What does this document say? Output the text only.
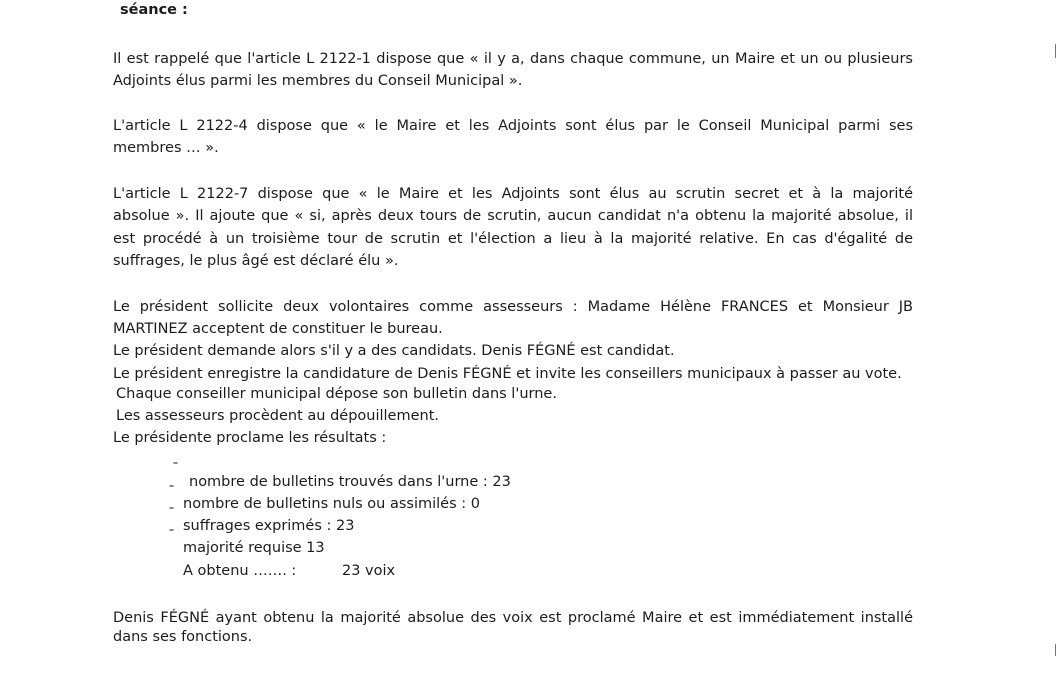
séance :
Il est rappelé que l'article L 2122-1 dispose que « il y a, dans chaque commune, un Maire et un ou plusieurs
Adjoints élus parmi les membres du Conseil Municipal ».
L'article L 2122-4 dispose que « le Maire et les Adjoints sont élus par le Conseil Municipal parmi ses
membres … ».
L'article L 2122-7 dispose que « le Maire et les Adjoints sont élus au scrutin secret et à la majorité
absolue ». Il ajoute que « si, après deux tours de scrutin, aucun candidat n'a obtenu la majorité absolue, il
est procédé à un troisième tour de scrutin et l'élection a lieu à la majorité relative. En cas d'égalité de
suffrages, le plus âgé est déclaré élu ».
Le président sollicite deux volontaires comme assesseurs : Madame Hélène FRANCES et Monsieur JB
MARTINEZ acceptent de constituer le bureau.
Le président demande alors s'il y a des candidats. Denis FÉGNÉ est candidat.
Le président enregistre la candidature de Denis FÉGNÉ et invite les conseillers municipaux à passer au vote.
Chaque conseiller municipal dépose son bulletin dans l'urne.
Les assesseurs procèdent au dépouillement.
Le présidente proclame les résultats :
¯
nombre de bulletins trouvés dans l'urne : 23
¯
nombre de bulletins nuls ou assimilés : 0
¯
suffrages exprimés : 23
¯
majorité requise 13
A obtenu ……. :	23 voix
Denis FÉGNÉ ayant obtenu la majorité absolue des voix est proclamé Maire et est immédiatement installé
dans ses fonctions.
